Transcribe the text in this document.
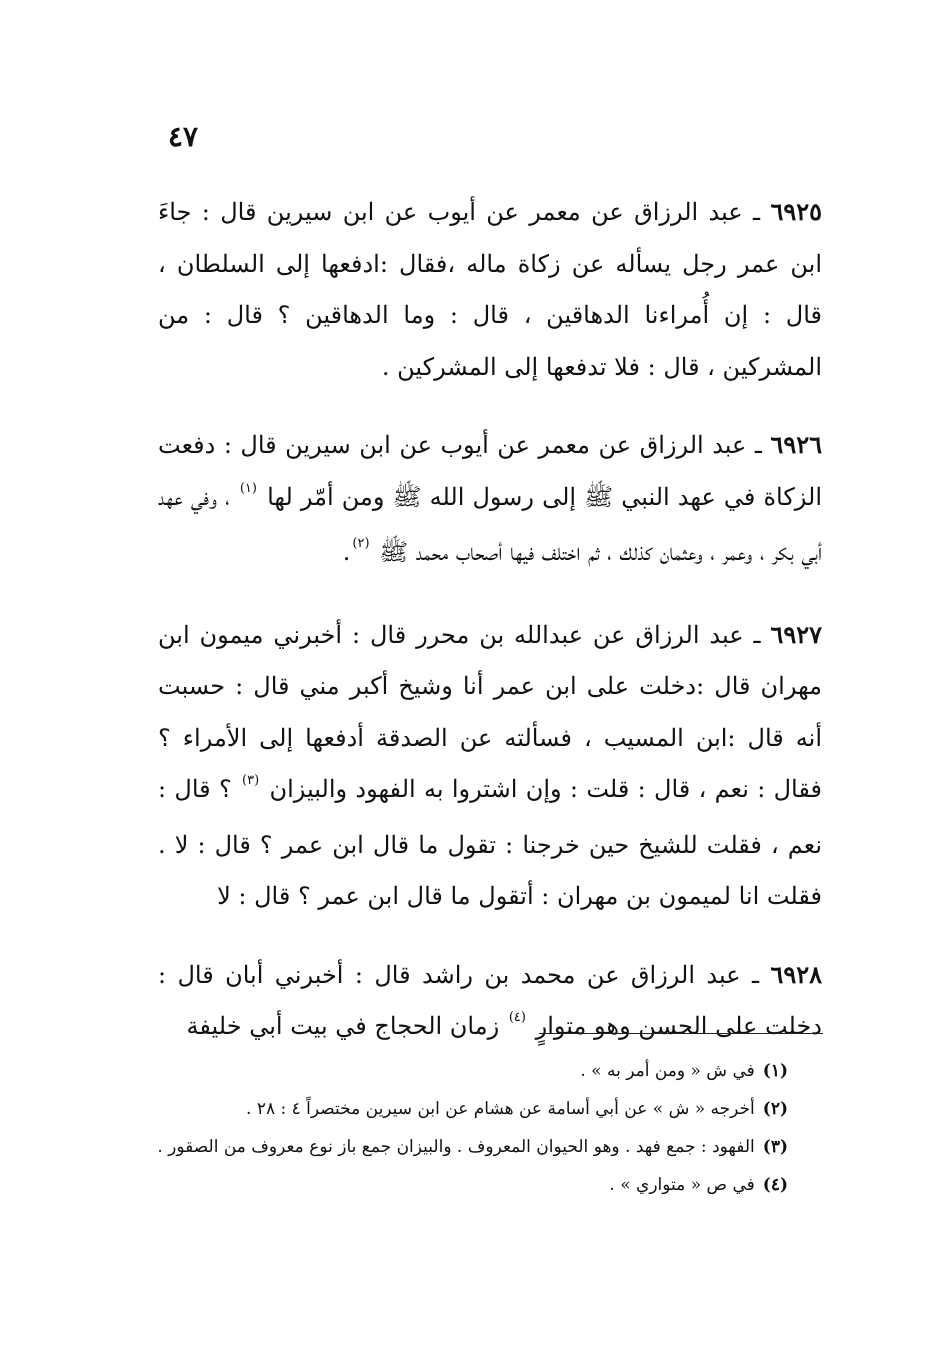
٤٧

٦٩٢٥ ـ عبد الرزاق عن معمر عن أيوب عن ابن سيرين قال : جاءَ ابن عمر رجل يسأله عن زكاة ماله ،فقال :ادفعها إلى السلطان ، قال : إن أُمراءنا الدهاقين ، قال : وما الدهاقين ؟ قال : من المشركين ، قال : فلا تدفعها إلى المشركين .

٦٩٢٦ ـ عبد الرزاق عن معمر عن أيوب عن ابن سيرين قال : دفعت الزكاة في عهد النبي ﷺ إلى رسول الله ﷺ ومن أمّر لها $^{(١)}$ ، وفي عهد أبي بكر ، وعمر ، وعثمان كذلك ، ثم اختلف فيها أصحاب محمد ﷺ $^{(٢)}$.

٦٩٢٧ ـ عبد الرزاق عن عبدالله بن محرر قال : أخبرني ميمون ابن مهران قال :دخلت على ابن عمر أنا وشيخ أكبر مني قال : حسبت أنه قال :ابن المسيب ، فسألته عن الصدقة أدفعها إلى الأمراء ؟ فقال : نعم ، قال : قلت : وإن اشتروا به الفهود والبيزان $^{(٣)}$ ؟ قال : نعم ، فقلت للشيخ حين خرجنا : تقول ما قال ابن عمر ؟ قال : لا . فقلت انا لميمون بن مهران : أتقول ما قال ابن عمر ؟ قال : لا

٦٩٢٨ ـ عبد الرزاق عن محمد بن راشد قال : أخبرني أبان قال : دخلت على الحسن وهو متوارٍ $^{(٤)}$ زمان الحجاج في بيت أبي خليفة

(١)في ش « ومن أمر به » .

(٢)أخرجه « ش » عن أبي أسامة عن هشام عن ابن سيرين مختصراً ٤ : ٢٨ .

(٣)الفهود : جمع فهد . وهو الحيوان المعروف . والبيزان جمع باز نوع معروف من الصقور .

(٤)في ص « متواري » .
